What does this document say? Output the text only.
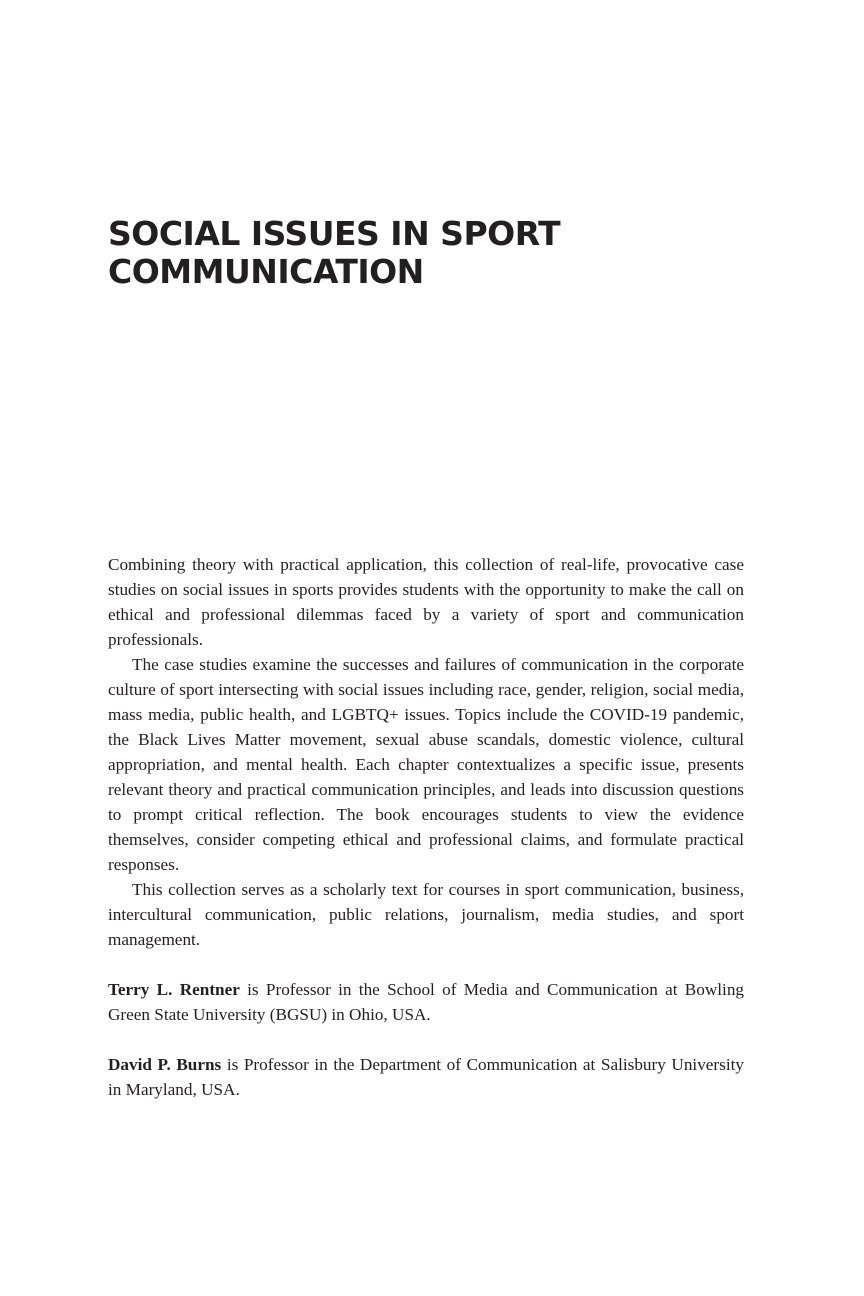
SOCIAL ISSUES IN SPORT
COMMUNICATION

Combining theory with practical application, this collection of real-life, provocative case studies on social issues in sports provides students with the opportunity to make the call on ethical and professional dilemmas faced by a variety of sport and communication professionals.

The case studies examine the successes and failures of communication in the corporate culture of sport intersecting with social issues including race, gender, religion, social media, mass media, public health, and LGBTQ+ issues. Topics include the COVID-19 pandemic, the Black Lives Matter movement, sexual abuse scandals, domestic violence, cultural appropriation, and mental health. Each chapter contextualizes a specific issue, presents relevant theory and practical communication principles, and leads into discussion questions to prompt critical reflection. The book encourages students to view the evidence themselves, consider competing ethical and professional claims, and formulate practical responses.

This collection serves as a scholarly text for courses in sport communication, business, intercultural communication, public relations, journalism, media studies, and sport management.

Terry L. Rentner is Professor in the School of Media and Communication at Bowling Green State University (BGSU) in Ohio, USA.

David P. Burns is Professor in the Department of Communication at Salisbury University in Maryland, USA.
